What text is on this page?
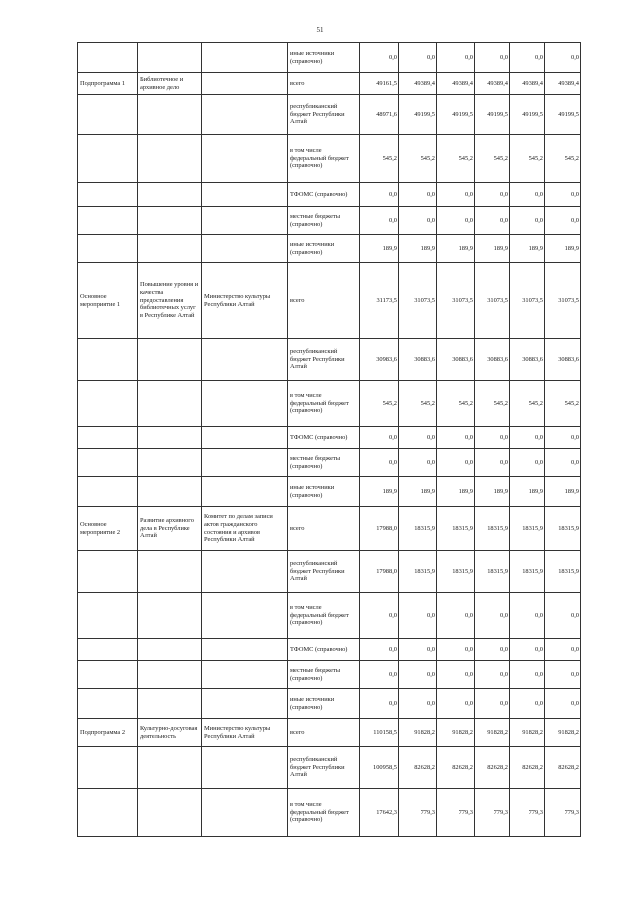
51
			иные источники (справочно)	0,0	0,0	0,0	0,0	0,0	0,0
Подпрограмма 1	Библиотечное и архивное дело		всего	49161,5	49389,4	49389,4	49389,4	49389,4	49389,4
			республиканский бюджет Республики Алтай	48971,6	49199,5	49199,5	49199,5	49199,5	49199,5
			в том числе федеральный бюджет (справочно)	545,2	545,2	545,2	545,2	545,2	545,2
			ТФОМС (справочно)	0,0	0,0	0,0	0,0	0,0	0,0
			местные бюджеты (справочно)	0,0	0,0	0,0	0,0	0,0	0,0
			иные источники (справочно)	189,9	189,9	189,9	189,9	189,9	189,9
Основное мероприятие 1	Повышение уровня и качества предоставления библиотечных услуг в Республике Алтай	Министерство культуры Республики Алтай	всего	31173,5	31073,5	31073,5	31073,5	31073,5	31073,5
			республиканский бюджет Республики Алтай	30983,6	30883,6	30883,6	30883,6	30883,6	30883,6
			в том числе федеральный бюджет (справочно)	545,2	545,2	545,2	545,2	545,2	545,2
			ТФОМС (справочно)	0,0	0,0	0,0	0,0	0,0	0,0
			местные бюджеты (справочно)	0,0	0,0	0,0	0,0	0,0	0,0
			иные источники (справочно)	189,9	189,9	189,9	189,9	189,9	189,9
Основное мероприятие 2	Развитие архивного дела в Республике Алтай	Комитет по делам записи актов гражданского состояния и архивов Республики Алтай	всего	17988,0	18315,9	18315,9	18315,9	18315,9	18315,9
			республиканский бюджет Республики Алтай	17988,0	18315,9	18315,9	18315,9	18315,9	18315,9
			в том числе федеральный бюджет (справочно)	0,0	0,0	0,0	0,0	0,0	0,0
			ТФОМС (справочно)	0,0	0,0	0,0	0,0	0,0	0,0
			местные бюджеты (справочно)	0,0	0,0	0,0	0,0	0,0	0,0
			иные источники (справочно)	0,0	0,0	0,0	0,0	0,0	0,0
Подпрограмма 2	Культурно-досуговая деятельность	Министерство культуры Республики Алтай	всего	110158,5	91828,2	91828,2	91828,2	91828,2	91828,2
			республиканский бюджет Республики Алтай	100958,5	82628,2	82628,2	82628,2	82628,2	82628,2
			в том числе федеральный бюджет (справочно)	17642,3	779,3	779,3	779,3	779,3	779,3
